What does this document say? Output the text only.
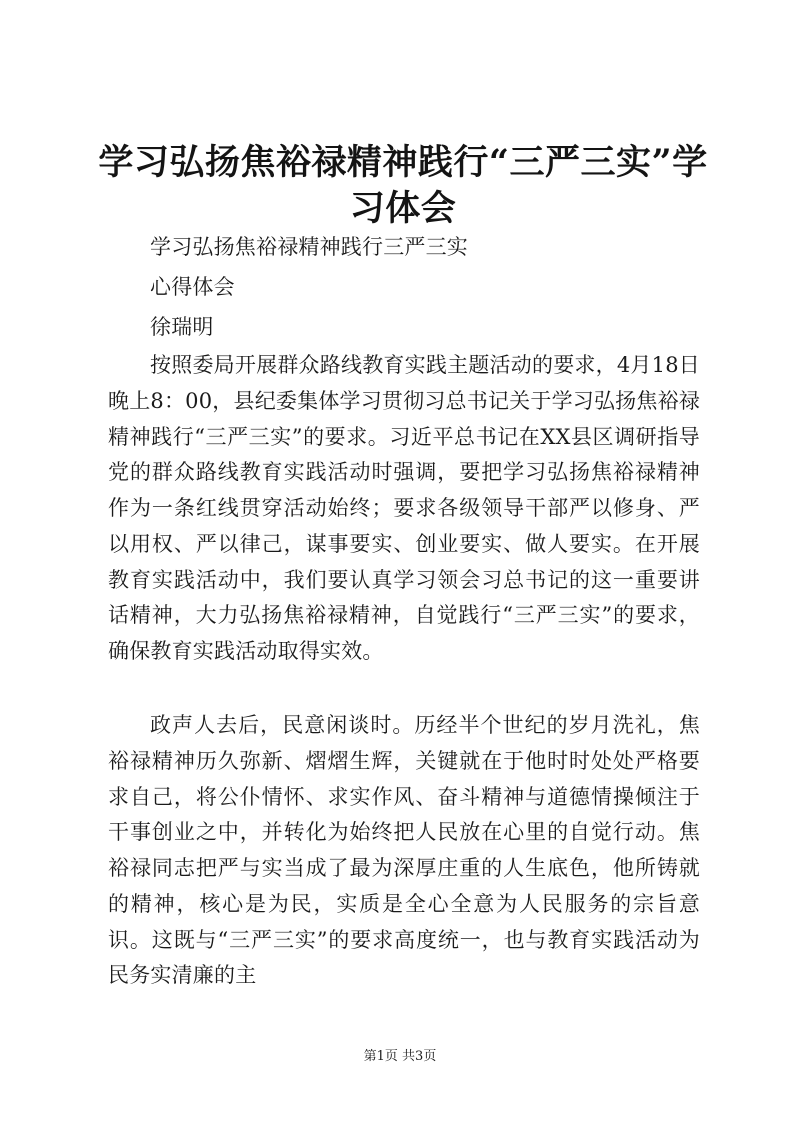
学习弘扬焦裕禄精神践行“三严三实”学习体会

学习弘扬焦裕禄精神践行三严三实

心得体会

徐瑞明

按照委局开展群众路线教育实践主题活动的要求，4月18日晚上8：00，县纪委集体学习贯彻习总书记关于学习弘扬焦裕禄精神践行“三严三实”的要求。习近平总书记在XX县区调研指导党的群众路线教育实践活动时强调，要把学习弘扬焦裕禄精神作为一条红线贯穿活动始终；要求各级领导干部严以修身、严以用权、严以律己，谋事要实、创业要实、做人要实。在开展教育实践活动中，我们要认真学习领会习总书记的这一重要讲话精神，大力弘扬焦裕禄精神，自觉践行“三严三实”的要求，确保教育实践活动取得实效。

政声人去后，民意闲谈时。历经半个世纪的岁月洗礼，焦裕禄精神历久弥新、熠熠生辉，关键就在于他时时处处严格要求自己，将公仆情怀、求实作风、奋斗精神与道德情操倾注于干事创业之中，并转化为始终把人民放在心里的自觉行动。焦裕禄同志把严与实当成了最为深厚庄重的人生底色，他所铸就的精神，核心是为民，实质是全心全意为人民服务的宗旨意识。这既与“三严三实”的要求高度统一，也与教育实践活动为民务实清廉的主

第1页 共3页
